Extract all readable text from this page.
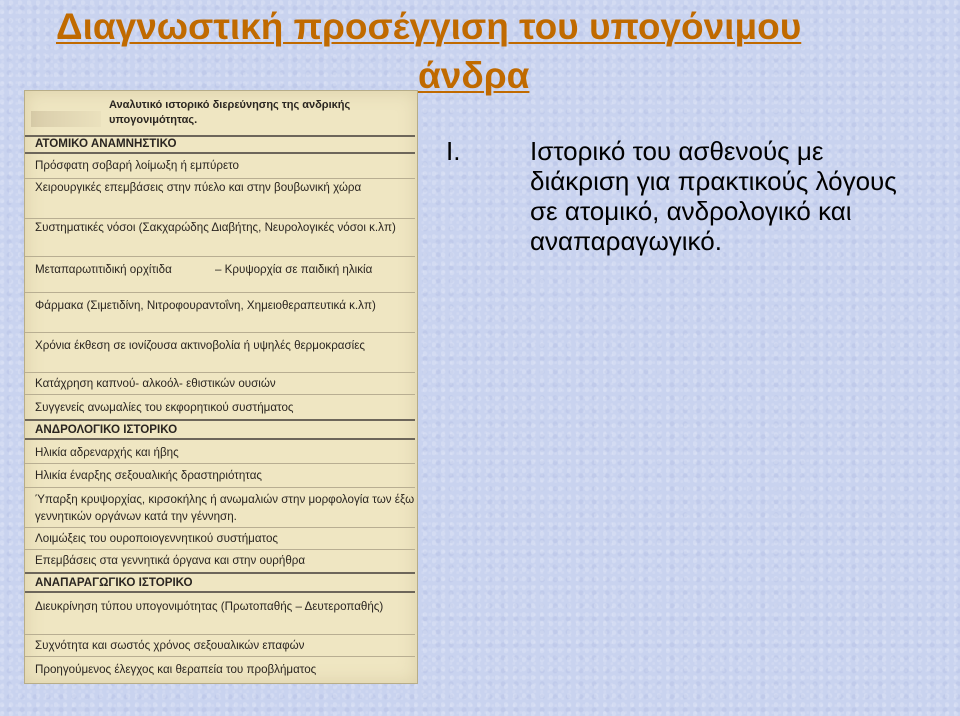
Διαγνωστική προσέγγιση του υπογόνιμου
άνδρα
Αναλυτικό ιστορικό διερεύνησης της ανδρικής υπογονιμότητας.
ΑΤΟΜΙΚΟ ΑΝΑΜΝΗΣΤΙΚΟ
Πρόσφατη σοβαρή λοίμωξη ή εμπύρετο
Χειρουργικές επεμβάσεις στην πύελο και στην βουβωνική χώρα
Συστηματικές νόσοι (Σακχαρώδης Διαβήτης, Νευρολογικές νόσοι κ.λπ)
Μεταπαρωτιτιδική ορχίτιδα	– Κρυψορχία σε παιδική ηλικία
Φάρμακα (Σιμετιδίνη, Νιτροφουραντοΐνη, Χημειοθεραπευτικά κ.λπ)
Χρόνια έκθεση σε ιονίζουσα ακτινοβολία ή υψηλές θερμοκρασίες
Κατάχρηση καπνού- αλκοόλ- εθιστικών ουσιών
Συγγενείς ανωμαλίες του εκφορητικού συστήματος
ΑΝΔΡΟΛΟΓΙΚΟ ΙΣΤΟΡΙΚΟ
Ηλικία αδρεναρχής και ήβης
Ηλικία έναρξης σεξουαλικής δραστηριότητας
Ύπαρξη κρυψορχίας, κιρσοκήλης ή ανωμαλιών στην μορφολογία των έξω γεννητικών οργάνων κατά την γέννηση.
Λοιμώξεις του ουροποιογεννητικού συστήματος
Επεμβάσεις στα γεννητικά όργανα και στην ουρήθρα
ΑΝΑΠΑΡΑΓΩΓΙΚΟ ΙΣΤΟΡΙΚΟ
Διευκρίνηση τύπου υπογονιμότητας (Πρωτοπαθής – Δευτεροπαθής)
Συχνότητα και σωστός χρόνος σεξουαλικών επαφών
Προηγούμενος έλεγχος και θεραπεία του προβλήματος
I.	Ιστορικό του ασθενούς με διάκριση για πρακτικούς λόγους σε ατομικό, ανδρολογικό και αναπαραγωγικό.
